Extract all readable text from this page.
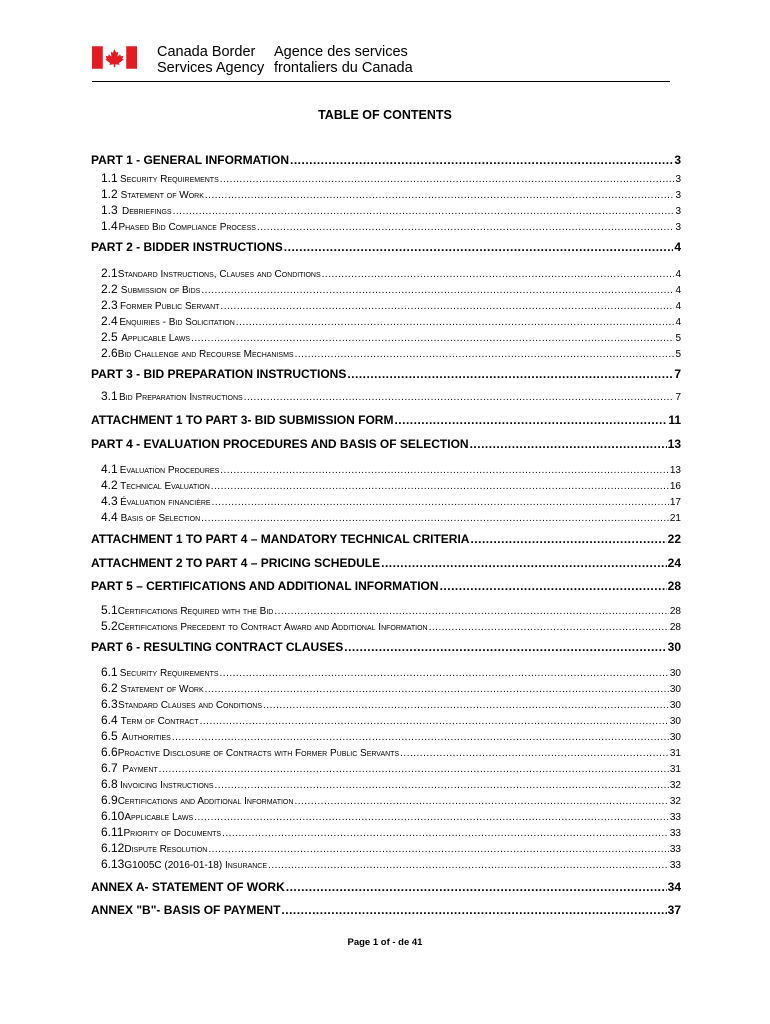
Canada Border
Services Agency
Agence des services
frontaliers du Canada
TABLE OF CONTENTS
PART 1 - GENERAL INFORMATION .....	3
1.1 Security Requirements .....	3
1.2 Statement of Work .....	3
1.3 Debriefings .....	3
1.4 Phased Bid Compliance Process .....	3
PART 2 - BIDDER INSTRUCTIONS .....	4
2.1 Standard Instructions, Clauses and Conditions .....	4
2.2 Submission of Bids .....	4
2.3 Former Public Servant .....	4
2.4 Enquiries - Bid Solicitation .....	4
2.5 Applicable Laws .....	5
2.6 Bid Challenge and Recourse Mechanisms .....	5
PART 3 - BID PREPARATION INSTRUCTIONS .....	7
3.1 Bid Preparation Instructions .....	7
ATTACHMENT 1 TO PART 3- BID SUBMISSION FORM .....	11
PART 4 - EVALUATION PROCEDURES AND BASIS OF SELECTION .....	13
4.1 Evaluation Procedures .....	13
4.2 Technical Evaluation .....	16
4.3 Évaluation financière .....	17
4.4 Basis of Selection .....	21
ATTACHMENT 1 TO PART 4 – MANDATORY TECHNICAL CRITERIA .....	22
ATTACHMENT 2 TO PART 4 – PRICING SCHEDULE .....	24
PART 5 – CERTIFICATIONS AND ADDITIONAL INFORMATION .....	28
5.1 Certifications Required with the Bid .....	28
5.2 Certifications Precedent to Contract Award and Additional Information .....	28
PART 6 - RESULTING CONTRACT CLAUSES .....	30
6.1 Security Requirements .....	30
6.2 Statement of Work .....	30
6.3 Standard Clauses and Conditions .....	30
6.4 Term of Contract .....	30
6.5 Authorities .....	30
6.6 Proactive Disclosure of Contracts with Former Public Servants .....	31
6.7 Payment .....	31
6.8 Invoicing Instructions .....	32
6.9 Certifications and Additional Information .....	32
6.10 Applicable Laws .....	33
6.11 Priority of Documents .....	33
6.12 Dispute Resolution .....	33
6.13 G1005C (2016-01-18) Insurance .....	33
ANNEX A- STATEMENT OF WORK .....	34
ANNEX "B"- BASIS OF PAYMENT .....	37
Page 1 of - de 41
